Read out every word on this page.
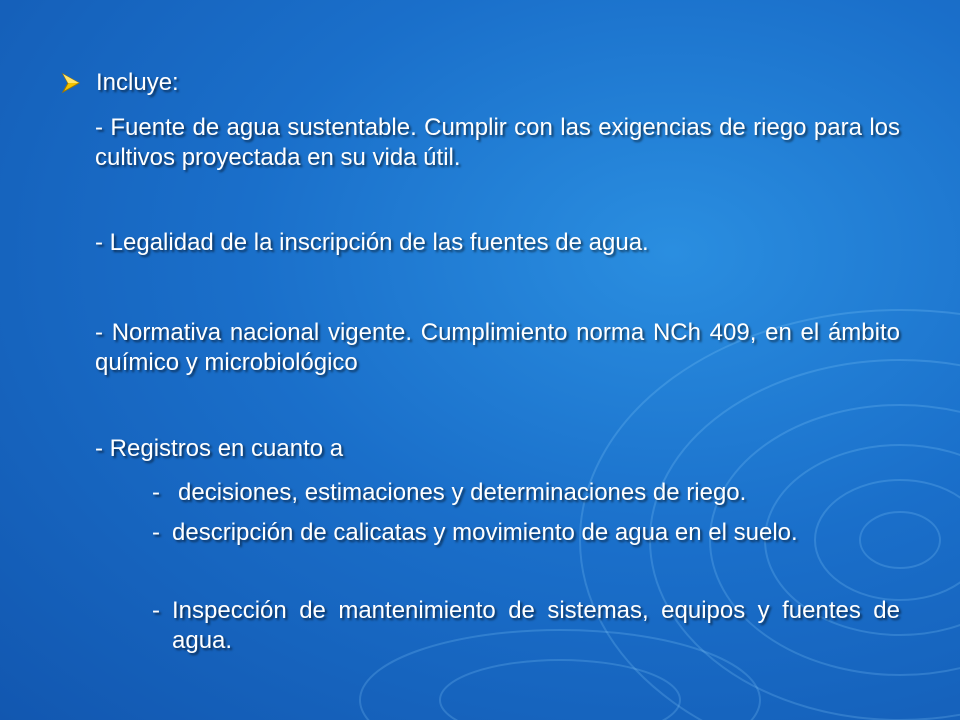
Incluye:
- Fuente de agua sustentable. Cumplir con las exigencias de riego para los cultivos proyectada en su vida útil.
- Legalidad de la inscripción de las fuentes de agua.
- Normativa nacional vigente. Cumplimiento norma NCh 409, en el ámbito químico y microbiológico
- Registros en cuanto a
- decisiones, estimaciones y determinaciones de riego.
- descripción de calicatas y movimiento de agua en el suelo.
- Inspección de mantenimiento de sistemas, equipos y fuentes de agua.
